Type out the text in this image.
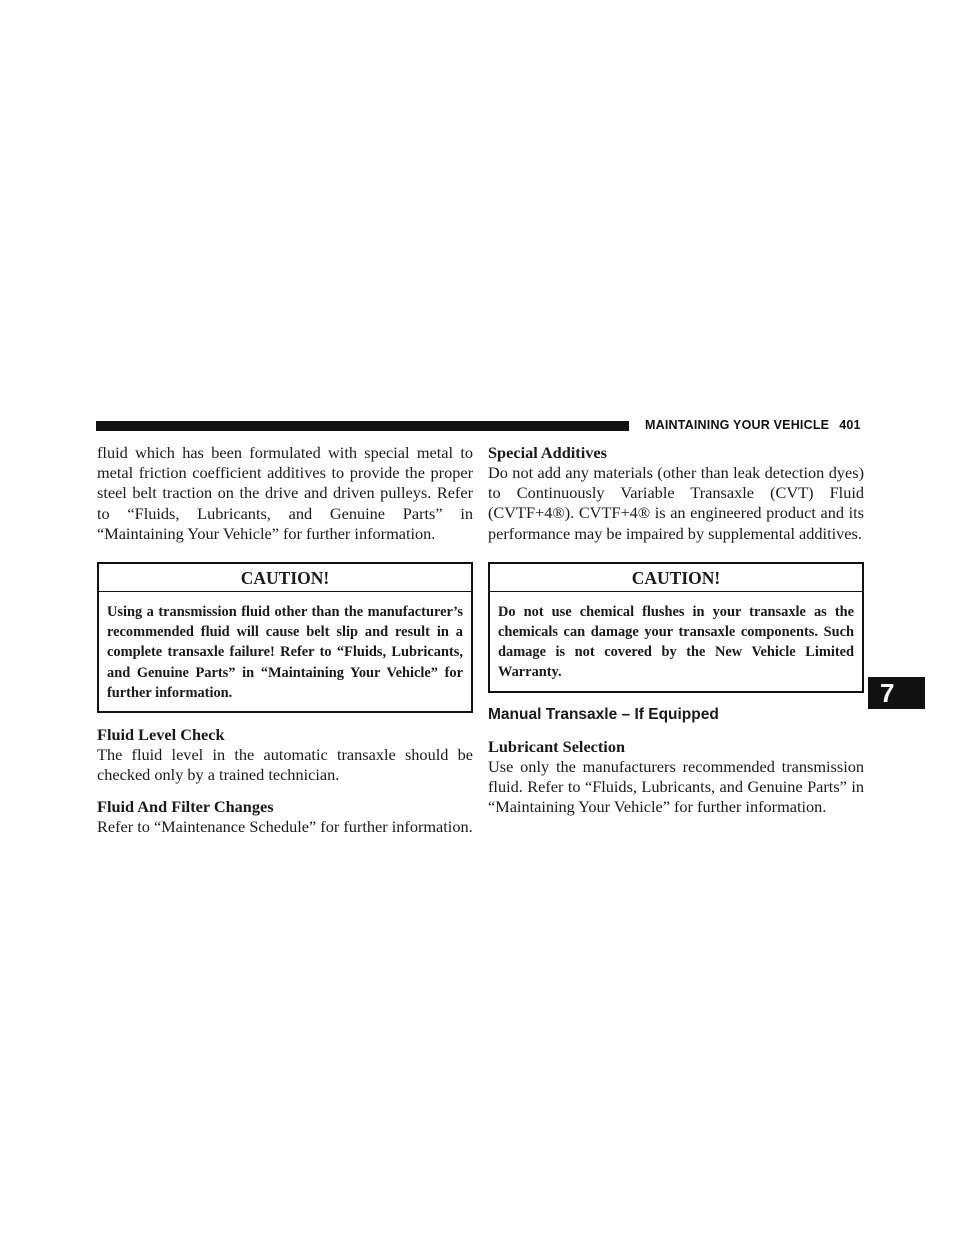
MAINTAINING YOUR VEHICLE 401
7

fluid which has been formulated with special metal to metal friction coefficient additives to provide the proper steel belt traction on the drive and driven pulleys. Refer to “Fluids, Lubricants, and Genuine Parts” in “Maintaining Your Vehicle” for further information.

CAUTION!
Using a transmission fluid other than the manufacturer’s recommended fluid will cause belt slip and result in a complete transaxle failure! Refer to “Fluids, Lubricants, and Genuine Parts” in “Maintaining Your Vehicle” for further information.
Fluid Level Check

The fluid level in the automatic transaxle should be checked only by a trained technician.

Fluid And Filter Changes

Refer to “Maintenance Schedule” for further information.

Special Additives

Do not add any materials (other than leak detection dyes) to Continuously Variable Transaxle (CVT) Fluid (CVTF+4®). CVTF+4® is an engineered product and its performance may be impaired by supplemental additives.

CAUTION!
Do not use chemical flushes in your transaxle as the chemicals can damage your transaxle components. Such damage is not covered by the New Vehicle Limited Warranty.
Manual Transaxle – If Equipped
Lubricant Selection

Use only the manufacturers recommended transmission fluid. Refer to “Fluids, Lubricants, and Genuine Parts” in “Maintaining Your Vehicle” for further information.
